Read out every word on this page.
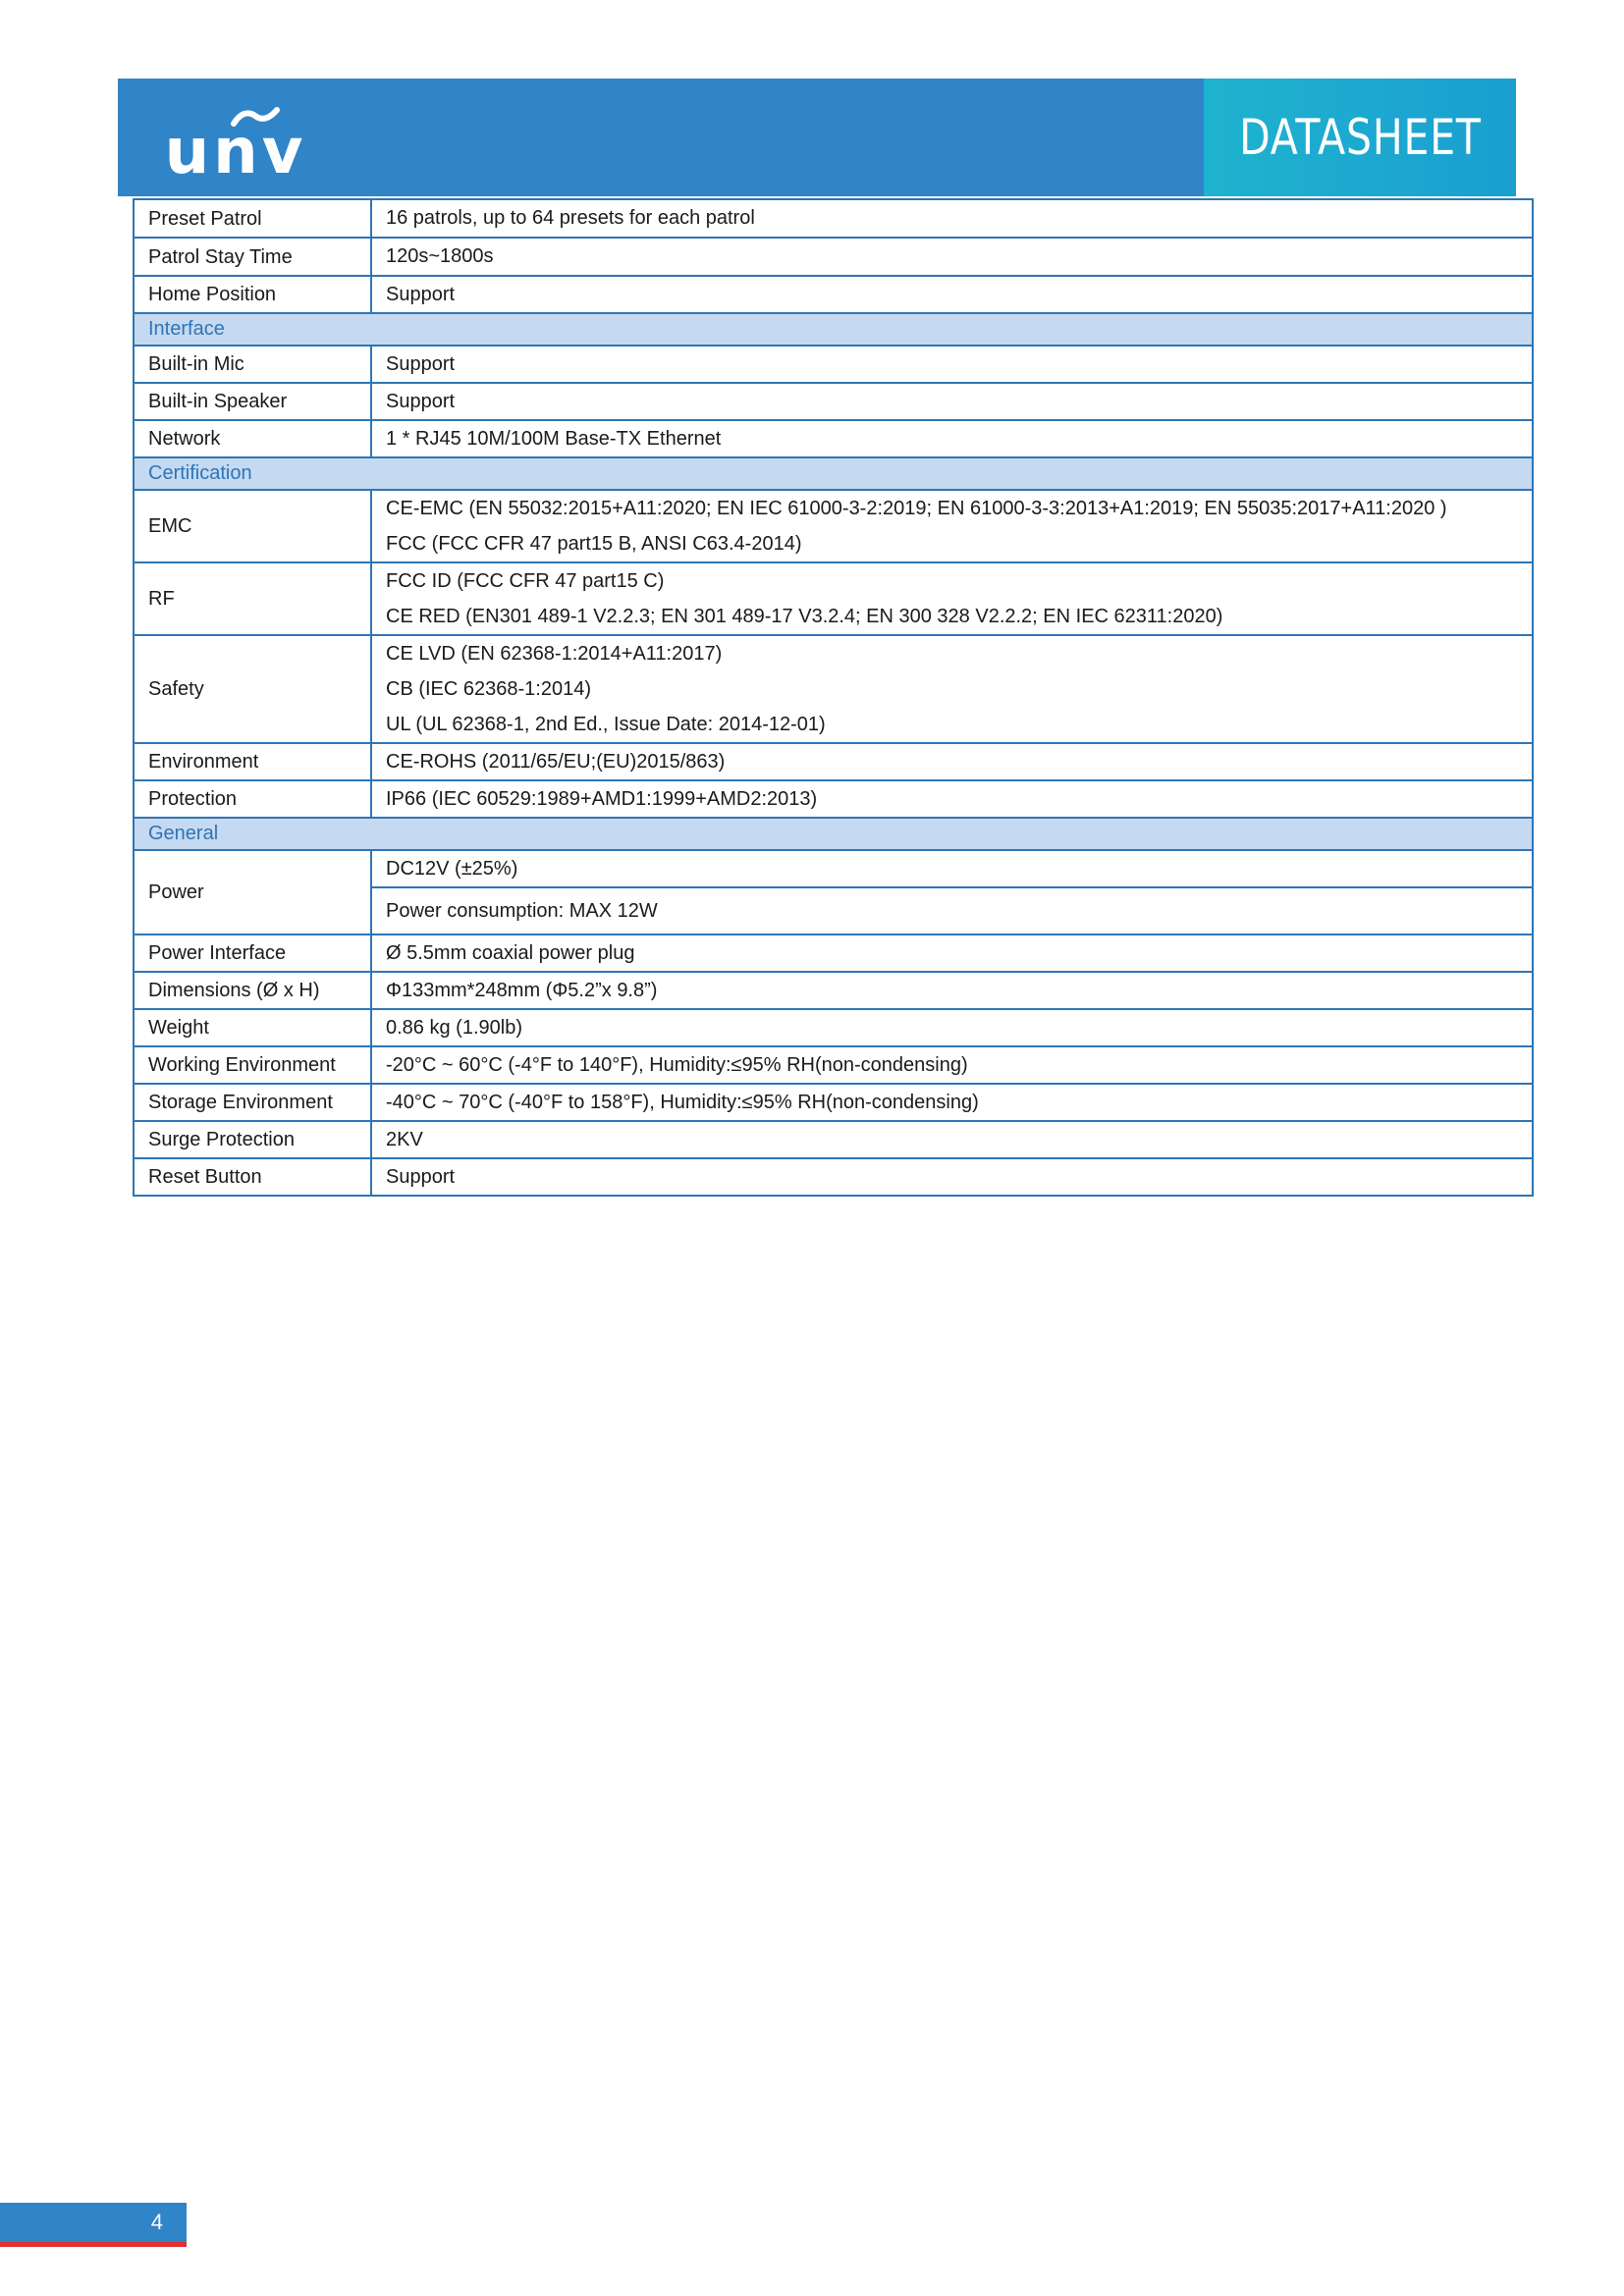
unv	DATASHEET
Preset Patrol	16 patrols, up to 64 presets for each patrol

Patrol Stay Time	120s~1800s

Home Position	Support

Interface	
Built-in Mic	Support

Built-in Speaker	Support

Network	1 * RJ45 10M/100M Base-TX Ethernet

Certification	
EMC	CE-EMC (EN 55032:2015+A11:2020; EN IEC 61000-3-2:2019; EN 61000-3-3:2013+A1:2019; EN 55035:2017+A11:2020 )
FCC (FCC CFR 47 part15 B, ANSI C63.4-2014)

RF	FCC ID (FCC CFR 47 part15 C)
CE RED (EN301 489-1 V2.2.3; EN 301 489-17 V3.2.4; EN 300 328 V2.2.2; EN IEC 62311:2020)

Safety	CE LVD (EN 62368-1:2014+A11:2017)
CB (IEC 62368-1:2014)
UL (UL 62368-1, 2nd Ed., Issue Date: 2014-12-01)

Environment	CE-ROHS (2011/65/EU;(EU)2015/863)

Protection	IP66 (IEC 60529:1989+AMD1:1999+AMD2:2013)

General	
Power	DC12V (±25%)
	Power consumption: MAX 12W
Power Interface	Ø 5.5mm coaxial power plug

Dimensions (Ø x H)	Φ133mm*248mm (Φ5.2”x 9.8”)

Weight	0.86 kg (1.90lb)

Working Environment	-20°C ~ 60°C (-4°F to 140°F), Humidity:≤95% RH(non-condensing)

Storage Environment	-40°C ~ 70°C (-40°F to 158°F), Humidity:≤95% RH(non-condensing)

Surge Protection	2KV

Reset Button	Support
4
